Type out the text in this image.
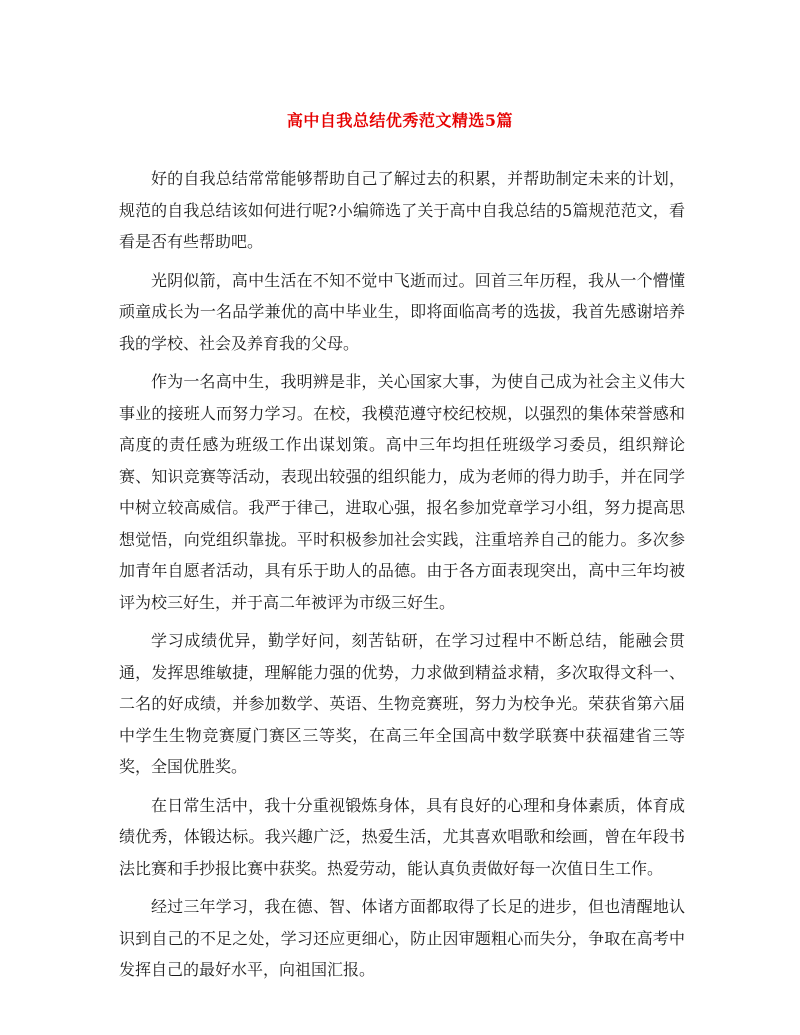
高中自我总结优秀范文精选5篇

好的自我总结常常能够帮助自己了解过去的积累，并帮助制定未来的计划，规范的自我总结该如何进行呢?小编筛选了关于高中自我总结的5篇规范范文，看看是否有些帮助吧。

光阴似箭，高中生活在不知不觉中飞逝而过。回首三年历程，我从一个懵懂顽童成长为一名品学兼优的高中毕业生，即将面临高考的选拔，我首先感谢培养我的学校、社会及养育我的父母。

作为一名高中生，我明辨是非，关心国家大事，为使自己成为社会主义伟大事业的接班人而努力学习。在校，我模范遵守校纪校规，以强烈的集体荣誉感和高度的责任感为班级工作出谋划策。高中三年均担任班级学习委员，组织辩论赛、知识竞赛等活动，表现出较强的组织能力，成为老师的得力助手，并在同学中树立较高威信。我严于律己，进取心强，报名参加党章学习小组，努力提高思想觉悟，向党组织靠拢。平时积极参加社会实践，注重培养自己的能力。多次参加青年自愿者活动，具有乐于助人的品德。由于各方面表现突出，高中三年均被评为校三好生，并于高二年被评为市级三好生。

学习成绩优异，勤学好问，刻苦钻研，在学习过程中不断总结，能融会贯通，发挥思维敏捷，理解能力强的优势，力求做到精益求精，多次取得文科一、二名的好成绩，并参加数学、英语、生物竞赛班，努力为校争光。荣获省第六届中学生生物竞赛厦门赛区三等奖，在高三年全国高中数学联赛中获福建省三等奖，全国优胜奖。

在日常生活中，我十分重视锻炼身体，具有良好的心理和身体素质，体育成绩优秀，体锻达标。我兴趣广泛，热爱生活，尤其喜欢唱歌和绘画，曾在年段书法比赛和手抄报比赛中获奖。热爱劳动，能认真负责做好每一次值日生工作。

经过三年学习，我在德、智、体诸方面都取得了长足的进步，但也清醒地认识到自己的不足之处，学习还应更细心，防止因审题粗心而失分，争取在高考中发挥自己的最好水平，向祖国汇报。
